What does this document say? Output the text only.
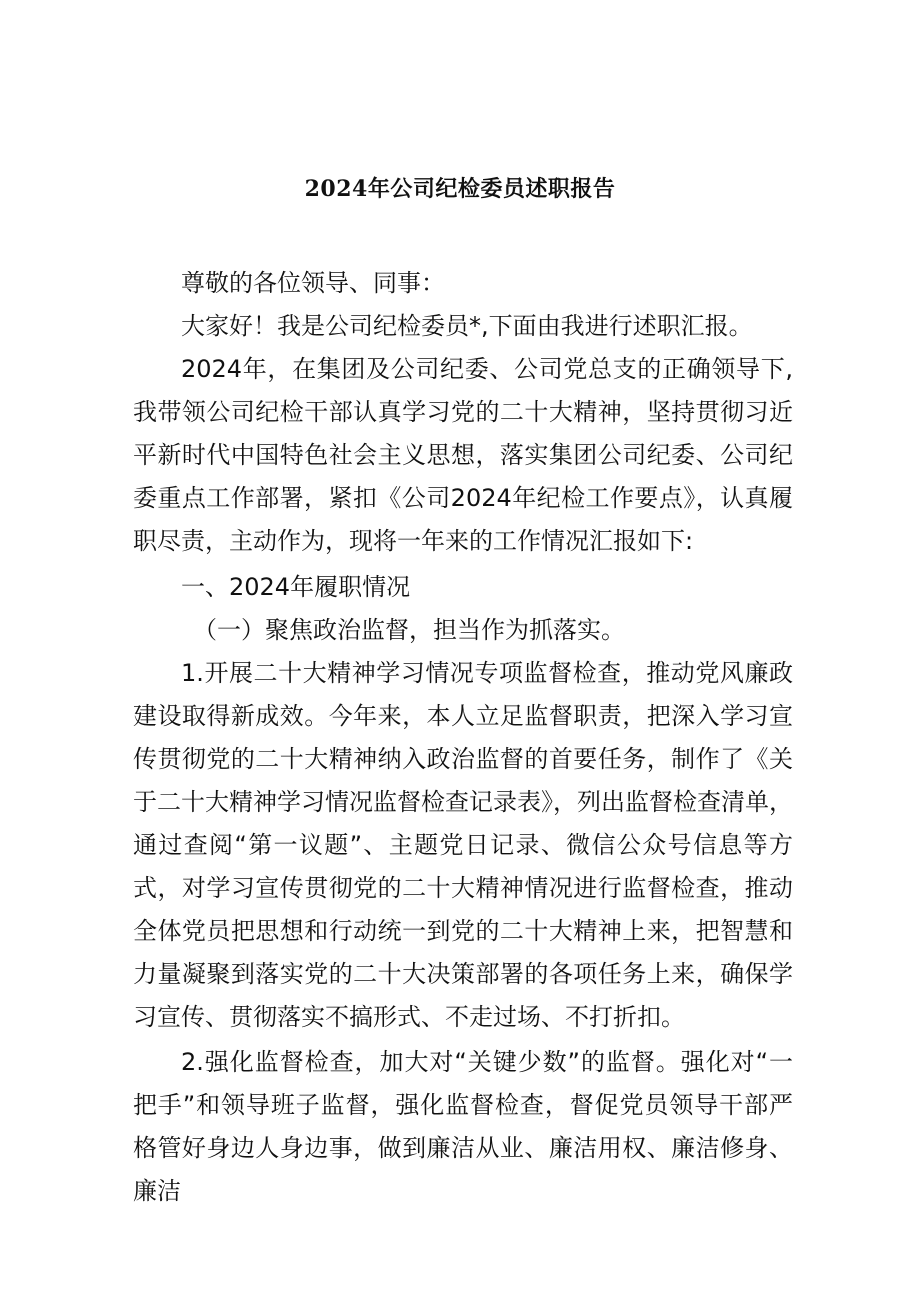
2024年公司纪检委员述职报告

尊敬的各位领导、同事：

大家好！我是公司纪检委员*,下面由我进行述职汇报。

2024年，在集团及公司纪委、公司党总支的正确领导下,我带领公司纪检干部认真学习党的二十大精神，坚持贯彻习近平新时代中国特色社会主义思想，落实集团公司纪委、公司纪委重点工作部署，紧扣《公司2024年纪检工作要点》，认真履职尽责，主动作为，现将一年来的工作情况汇报如下:

一、2024年履职情况

（一）聚焦政治监督，担当作为抓落实。

1.开展二十大精神学习情况专项监督检查，推动党风廉政建设取得新成效。今年来，本人立足监督职责，把深入学习宣传贯彻党的二十大精神纳入政治监督的首要任务，制作了《关于二十大精神学习情况监督检查记录表》，列出监督检查清单，通过查阅“第一议题”、主题党日记录、微信公众号信息等方式，对学习宣传贯彻党的二十大精神情况进行监督检查，推动全体党员把思想和行动统一到党的二十大精神上来，把智慧和力量凝聚到落实党的二十大决策部署的各项任务上来，确保学习宣传、贯彻落实不搞形式、不走过场、不打折扣。

2.强化监督检查，加大对“关键少数”的监督。强化对“一把手”和领导班子监督，强化监督检查，督促党员领导干部严格管好身边人身边事，做到廉洁从业、廉洁用权、廉洁修身、廉洁
